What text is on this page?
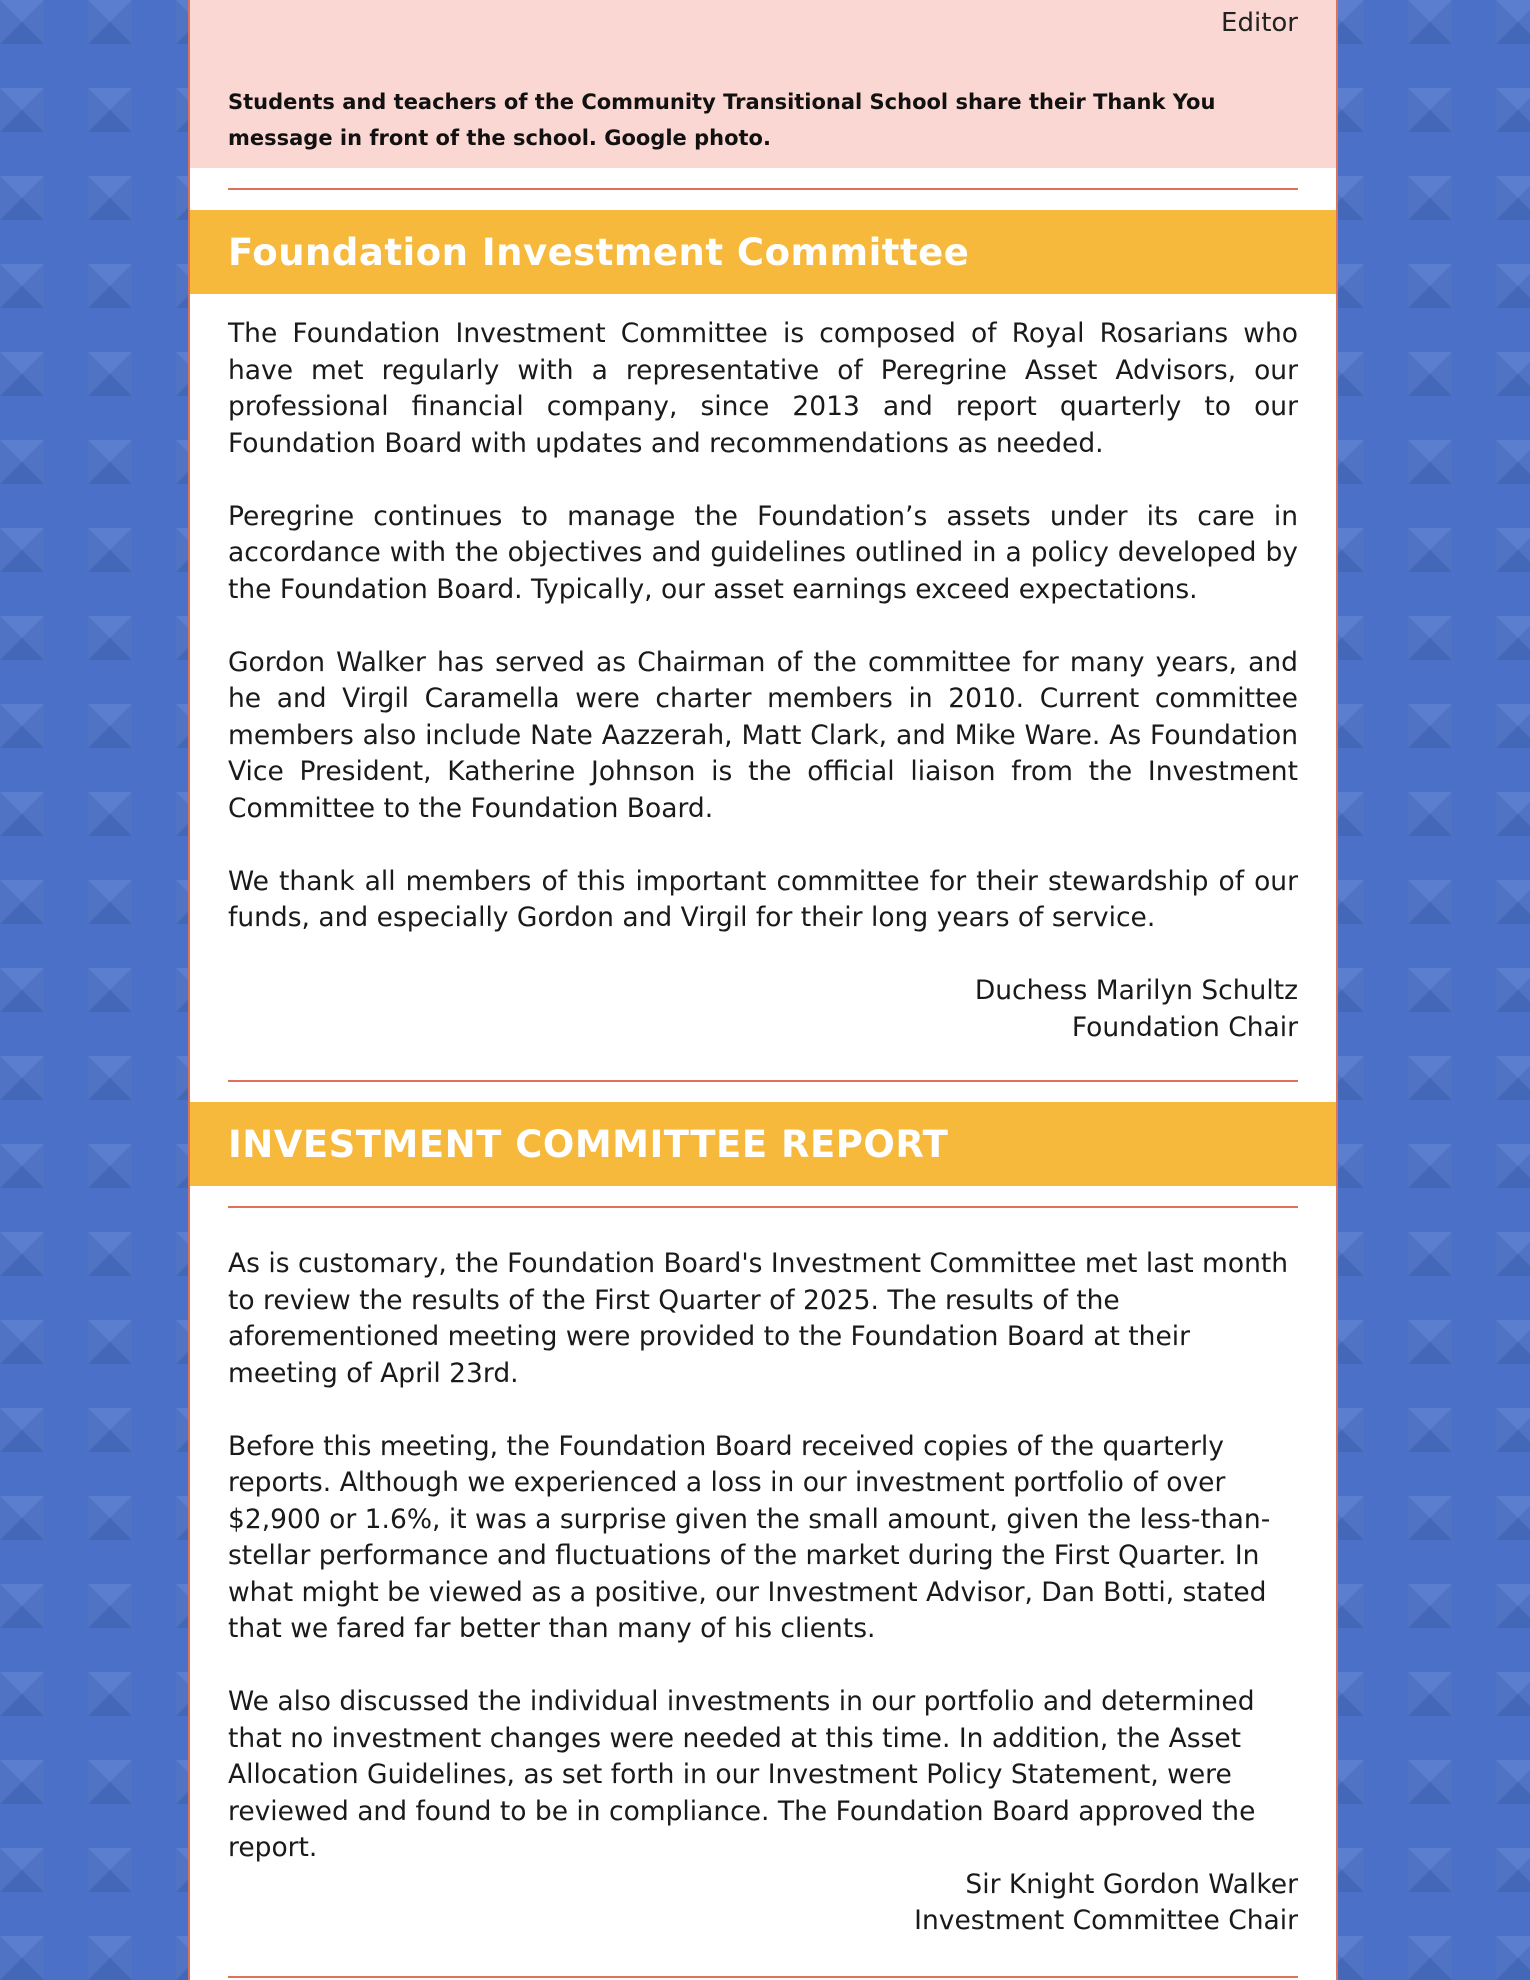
Editor
Students and teachers of the Community Transitional School share their Thank You message in front of the school. Google photo.
Foundation Investment Committee

The Foundation Investment Committee is composed of Royal Rosarians who have met regularly with a representative of Peregrine Asset Advisors, our professional financial company, since 2013 and report quarterly to our Foundation Board with updates and recommendations as needed.

Peregrine continues to manage the Foundation’s assets under its care in accordance with the objectives and guidelines outlined in a policy developed by the Foundation Board. Typically, our asset earnings exceed expectations.

Gordon Walker has served as Chairman of the committee for many years, and he and Virgil Caramella were charter members in 2010. Current committee members also include Nate Aazzerah, Matt Clark, and Mike Ware. As Foundation Vice President, Katherine Johnson is the official liaison from the Investment Committee to the Foundation Board.

We thank all members of this important committee for their stewardship of our funds, and especially Gordon and Virgil for their long years of service.

Duchess Marilyn Schultz
Foundation Chair
INVESTMENT COMMITTEE REPORT

As is customary, the Foundation Board's Investment Committee met last month to review the results of the First Quarter of 2025. The results of the aforementioned meeting were provided to the Foundation Board at their meeting of April 23rd.

Before this meeting, the Foundation Board received copies of the quarterly reports. Although we experienced a loss in our investment portfolio of over $2,900 or 1.6%, it was a surprise given the small amount, given the less-than-stellar performance and fluctuations of the market during the First Quarter. In what might be viewed as a positive, our Investment Advisor, Dan Botti, stated that we fared far better than many of his clients.

We also discussed the individual investments in our portfolio and determined that no investment changes were needed at this time. In addition, the Asset Allocation Guidelines, as set forth in our Investment Policy Statement, were reviewed and found to be in compliance. The Foundation Board approved the report.

Sir Knight Gordon Walker
Investment Committee Chair
